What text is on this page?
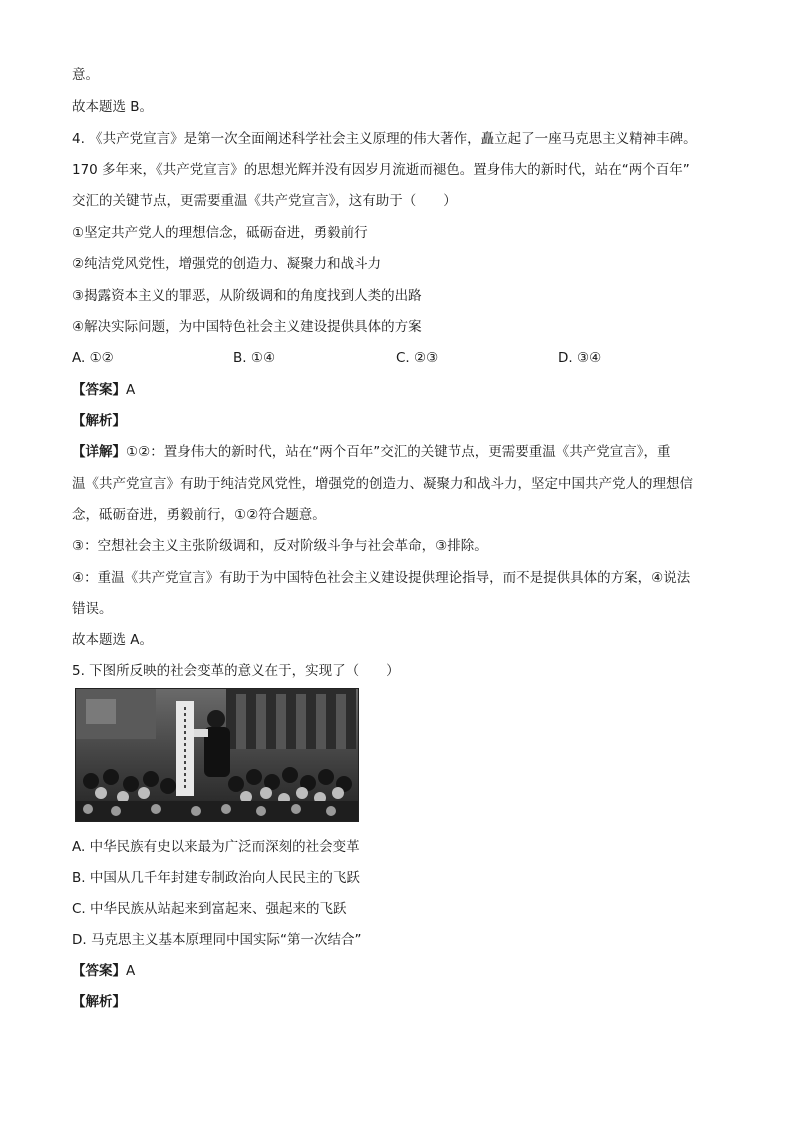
意。
故本题选 B。
4. 《共产党宣言》是第一次全面阐述科学社会主义原理的伟大著作，矗立起了一座马克思主义精神丰碑。
170 多年来，《共产党宣言》的思想光辉并没有因岁月流逝而褪色。置身伟大的新时代，站在“两个百年”
交汇的关键节点，更需要重温《共产党宣言》，这有助于（　　）
①坚定共产党人的理想信念，砥砺奋进，勇毅前行
②纯洁党风党性，增强党的创造力、凝聚力和战斗力
③揭露资本主义的罪恶，从阶级调和的角度找到人类的出路
④解决实际问题，为中国特色社会主义建设提供具体的方案
A. ①②	B. ①④	C. ②③	D. ③④
【答案】A
【解析】
【详解】①②：置身伟大的新时代，站在“两个百年”交汇的关键节点，更需要重温《共产党宣言》，重
温《共产党宣言》有助于纯洁党风党性，增强党的创造力、凝聚力和战斗力，坚定中国共产党人的理想信
念，砥砺奋进，勇毅前行，①②符合题意。
③：空想社会主义主张阶级调和，反对阶级斗争与社会革命，③排除。
④：重温《共产党宣言》有助于为中国特色社会主义建设提供理论指导，而不是提供具体的方案，④说法
错误。
故本题选 A。
5. 下图所反映的社会变革的意义在于，实现了（　　）
A. 中华民族有史以来最为广泛而深刻的社会变革
B. 中国从几千年封建专制政治向人民民主的飞跃
C. 中华民族从站起来到富起来、强起来的飞跃
D. 马克思主义基本原理同中国实际“第一次结合”
【答案】A
【解析】
